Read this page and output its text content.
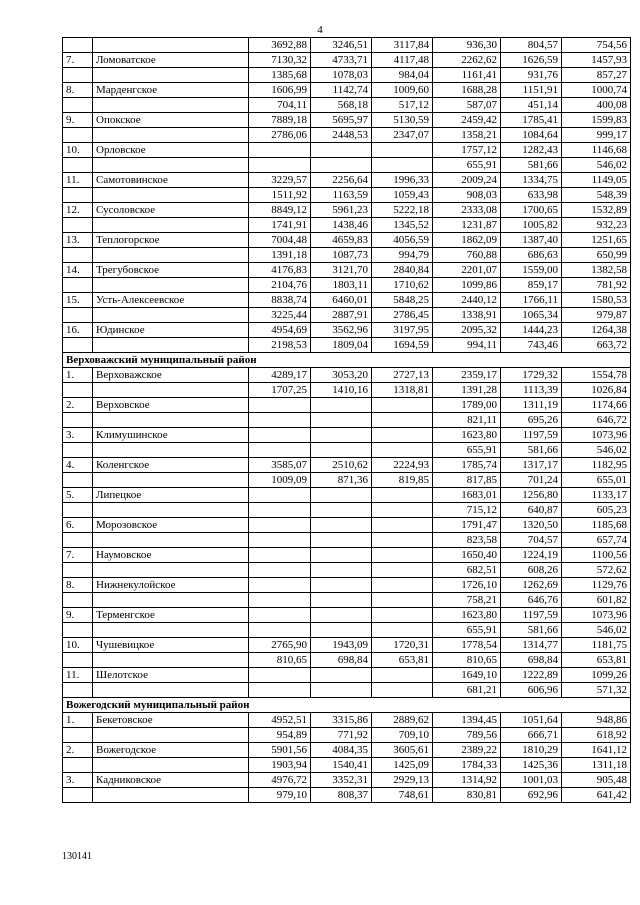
4
		3692,88	3246,51	3117,84	936,30	804,57	754,56
7.	Ломоватское	7130,32	4733,71	4117,48	2262,62	1626,59	1457,93
		1385,68	1078,03	984,04	1161,41	931,76	857,27
8.	Марденгское	1606,99	1142,74	1009,60	1688,28	1151,91	1000,74
		704,11	568,18	517,12	587,07	451,14	400,08
9.	Опокское	7889,18	5695,97	5130,59	2459,42	1785,41	1599,83
		2786,06	2448,53	2347,07	1358,21	1084,64	999,17
10.	Орловское				1757,12	1282,43	1146,68
					655,91	581,66	546,02
11.	Самотовинское	3229,57	2256,64	1996,33	2009,24	1334,75	1149,05
		1511,92	1163,59	1059,43	908,03	633,98	548,39
12.	Сусоловское	8849,12	5961,23	5222,18	2333,08	1700,65	1532,89
		1741,91	1438,46	1345,52	1231,87	1005,82	932,23
13.	Теплогорское	7004,48	4659,83	4056,59	1862,09	1387,40	1251,65
		1391,18	1087,73	994,79	760,88	686,63	650,99
14.	Трегубовское	4176,83	3121,70	2840,84	2201,07	1559,00	1382,58
		2104,76	1803,11	1710,62	1099,86	859,17	781,92
15.	Усть-Алексеевское	8838,74	6460,01	5848,25	2440,12	1766,11	1580,53
		3225,44	2887,91	2786,45	1338,91	1065,34	979,87
16.	Юдинское	4954,69	3562,96	3197,95	2095,32	1444,23	1264,38
		2198,53	1809,04	1694,59	994,11	743,46	663,72
Верховажский муниципальный район							
1.	Верховажское	4289,17	3053,20	2727,13	2359,17	1729,32	1554,78
		1707,25	1410,16	1318,81	1391,28	1113,39	1026,84
2.	Верховское				1789,00	1311,19	1174,66
					821,11	695,26	646,72
3.	Климушинское				1623,80	1197,59	1073,96
					655,91	581,66	546,02
4.	Коленгское	3585,07	2510,62	2224,93	1785,74	1317,17	1182,95
		1009,09	871,36	819,85	817,85	701,24	655,01
5.	Липецкое				1683,01	1256,80	1133,17
					715,12	640,87	605,23
6.	Морозовское				1791,47	1320,50	1185,68
					823,58	704,57	657,74
7.	Наумовское				1650,40	1224,19	1100,56
					682,51	608,26	572,62
8.	Нижнекулойское				1726,10	1262,69	1129,76
					758,21	646,76	601,82
9.	Терменгское				1623,80	1197,59	1073,96
					655,91	581,66	546,02
10.	Чушевицкое	2765,90	1943,09	1720,31	1778,54	1314,77	1181,75
		810,65	698,84	653,81	810,65	698,84	653,81
11.	Шелотское				1649,10	1222,89	1099,26
					681,21	606,96	571,32
Вожегодский муниципальный район							
1.	Бекетовское	4952,51	3315,86	2889,62	1394,45	1051,64	948,86
		954,89	771,92	709,10	789,56	666,71	618,92
2.	Вожегодское	5901,56	4084,35	3605,61	2389,22	1810,29	1641,12
		1903,94	1540,41	1425,09	1784,33	1425,36	1311,18
3.	Кадниковское	4976,72	3352,31	2929,13	1314,92	1001,03	905,48
		979,10	808,37	748,61	830,81	692,96	641,42
130141
